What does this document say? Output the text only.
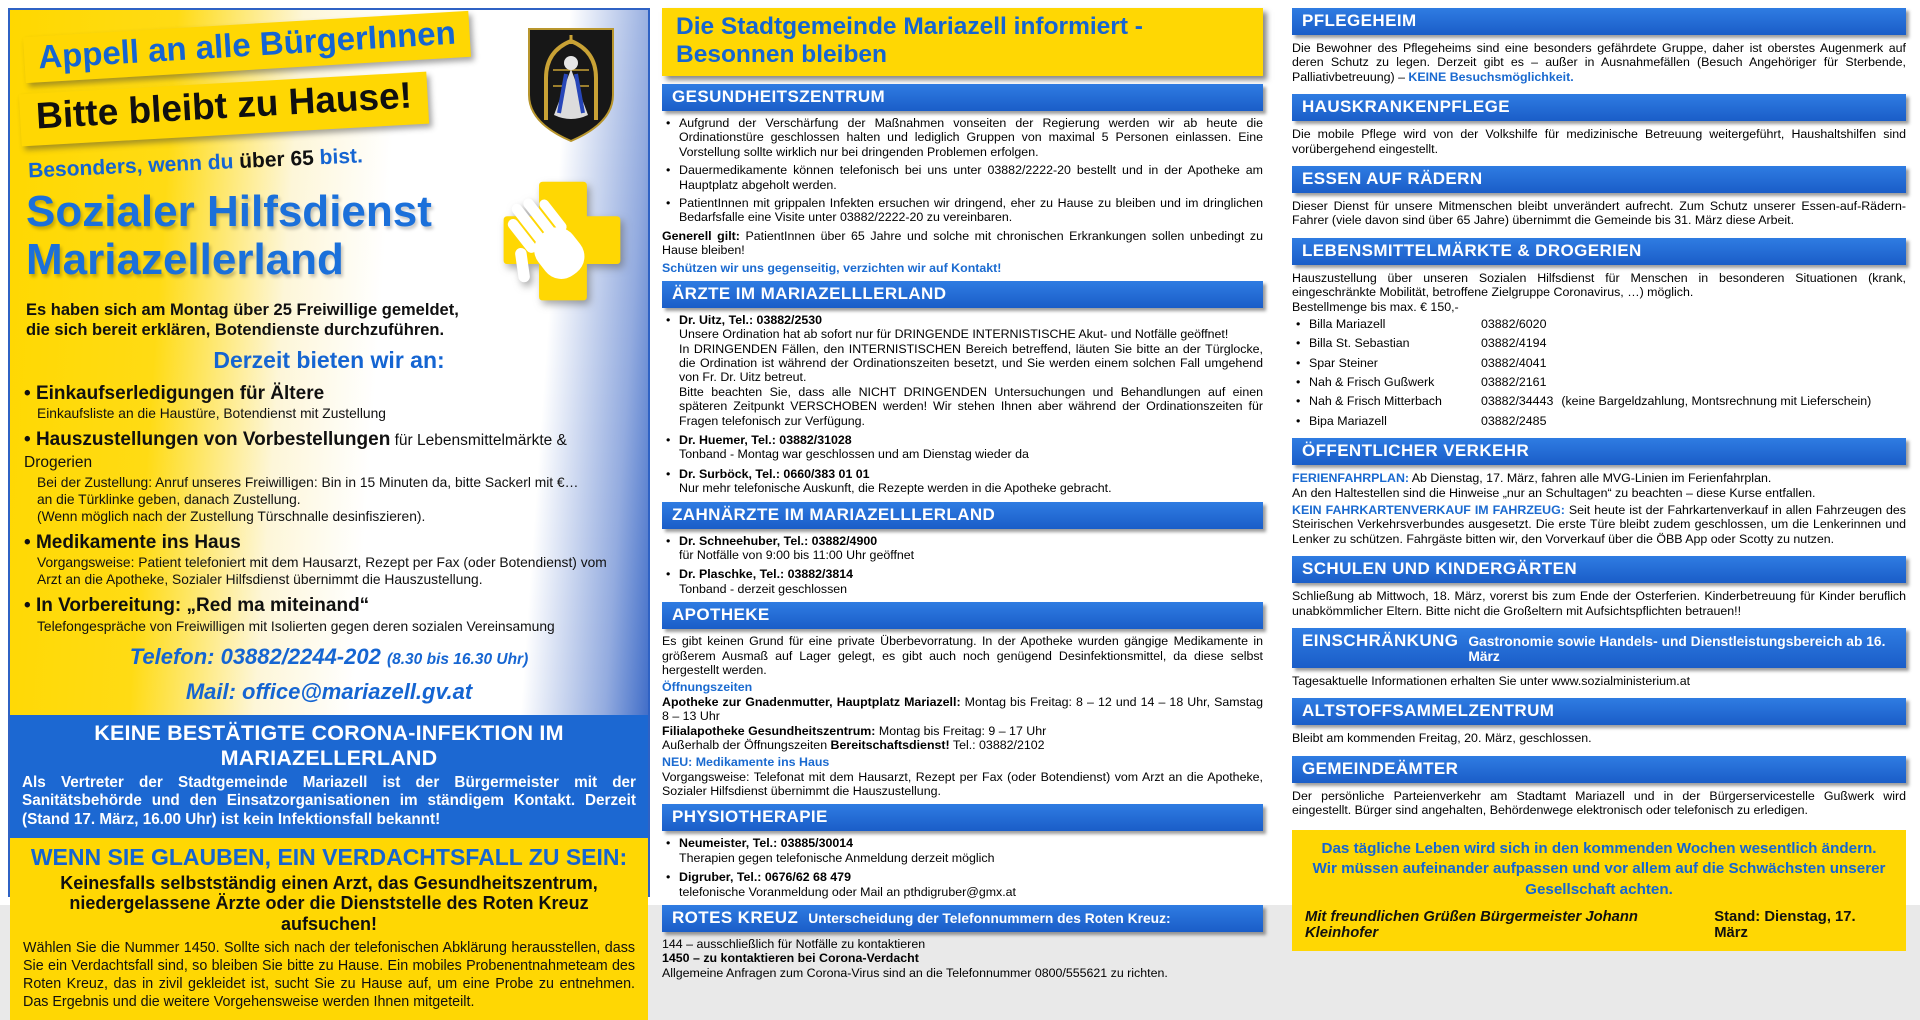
Appell an alle BürgerInnen
Bitte bleibt zu Hause!
Besonders, wenn du über 65 bist.
Sozialer Hilfsdienst
Mariazellerland
Es haben sich am Montag über 25 Freiwillige gemeldet,
die sich bereit erklären, Botendienste durchzuführen.
Derzeit bieten wir an:
• Einkaufserledigungen für Ältere
Einkaufsliste an die Haustüre, Botendienst mit Zustellung
• Hauszustellungen von Vorbestellungen für Lebensmittelmärkte & Drogerien
Bei der Zustellung: Anruf unseres Freiwilligen: Bin in 15 Minuten da, bitte Sackerl mit €…
an die Türklinke geben, danach Zustellung.
(Wenn möglich nach der Zustellung Türschnalle desinfiszieren).
• Medikamente ins Haus
Vorgangsweise: Patient telefoniert mit dem Hausarzt, Rezept per Fax (oder Botendienst) vom
Arzt an die Apotheke, Sozialer Hilfsdienst übernimmt die Hauszustellung.
• In Vorbereitung: „Red ma miteinand“
Telefongespräche von Freiwilligen mit Isolierten gegen deren sozialen Vereinsamung
Telefon: 03882/2244-202 (8.30 bis 16.30 Uhr)
Mail: office@mariazell.gv.at
KEINE BESTÄTIGTE CORONA-INFEKTION IM MARIAZELLERLAND
Als Vertreter der Stadtgemeinde Mariazell ist der Bürgermeister mit der Sanitätsbehörde und den Einsatzorganisationen im ständigem Kontakt. Derzeit (Stand 17. März, 16.00 Uhr) ist kein Infektionsfall bekannt!
WENN SIE GLAUBEN, EIN VERDACHTSFALL ZU SEIN:
Keinesfalls selbstständig einen Arzt, das Gesundheitszentrum,
niedergelassene Ärzte oder die Dienststelle des Roten Kreuz aufsuchen!
Wählen Sie die Nummer 1450. Sollte sich nach der telefonischen Abklärung herausstellen, dass Sie ein Verdachtsfall sind, so bleiben Sie bitte zu Hause. Ein mobiles Probenentnahmeteam des Roten Kreuz, das in zivil gekleidet ist, sucht Sie zu Hause auf, um eine Probe zu entnehmen. Das Ergebnis und die weitere Vorgehensweise werden Ihnen mitgeteilt.
Die Stadtgemeinde Mariazell informiert - Besonnen bleiben
GESUNDHEITSZENTRUM
• Aufgrund der Verschärfung der Maßnahmen vonseiten der Regierung werden wir ab heute die Ordinationstüre geschlossen halten und lediglich Gruppen von maximal 5 Personen einlassen. Eine Vorstellung sollte wirklich nur bei dringenden Problemen erfolgen.
• Dauermedikamente können telefonisch bei uns unter 03882/2222-20 bestellt und in der Apotheke am Hauptplatz abgeholt werden.
• PatientInnen mit grippalen Infekten ersuchen wir dringend, eher zu Hause zu bleiben und im dringlichen Bedarfsfalle eine Visite unter 03882/2222-20 zu vereinbaren.
Generell gilt: PatientInnen über 65 Jahre und solche mit chronischen Erkrankungen sollen unbedingt zu Hause bleiben!
Schützen wir uns gegenseitig, verzichten wir auf Kontakt!
ÄRZTE IM MARIAZELLLERLAND
• Dr. Uitz, Tel.: 03882/2530
Unsere Ordination hat ab sofort nur für DRINGENDE INTERNISTISCHE Akut- und Notfälle geöffnet!
In DRINGENDEN Fällen, den INTERNISTISCHEN Bereich betreffend, läuten Sie bitte an der Türglocke, die Ordination ist während der Ordinationszeiten besetzt, und Sie werden einem solchen Fall umgehend von Fr. Dr. Uitz betreut.
Bitte beachten Sie, dass alle NICHT DRINGENDEN Untersuchungen und Behandlungen auf einen späteren Zeitpunkt VERSCHOBEN werden! Wir stehen Ihnen aber während der Ordinationszeiten für Fragen telefonisch zur Verfügung.
• Dr. Huemer, Tel.: 03882/31028
Tonband - Montag war geschlossen und am Dienstag wieder da
• Dr. Surböck, Tel.: 0660/383 01 01
Nur mehr telefonische Auskunft, die Rezepte werden in die Apotheke gebracht.
ZAHNÄRZTE IM MARIAZELLLERLAND
• Dr. Schneehuber, Tel.: 03882/4900
für Notfälle von 9:00 bis 11:00 Uhr geöffnet
• Dr. Plaschke, Tel.: 03882/3814
Tonband - derzeit geschlossen
APOTHEKE
Es gibt keinen Grund für eine private Überbevorratung. In der Apotheke wurden gängige Medikamente in größerem Ausmaß auf Lager gelegt, es gibt auch noch genügend Desinfektionsmittel, da diese selbst hergestellt werden.
Öffnungszeiten
Apotheke zur Gnadenmutter, Hauptplatz Mariazell: Montag bis Freitag: 8 – 12 und 14 – 18 Uhr, Samstag 8 – 13 Uhr
Filialapotheke Gesundheitszentrum: Montag bis Freitag: 9 – 17 Uhr
Außerhalb der Öffnungszeiten Bereitschaftsdienst! Tel.: 03882/2102
NEU: Medikamente ins Haus
Vorgangsweise: Telefonat mit dem Hausarzt, Rezept per Fax (oder Botendienst) vom Arzt an die Apotheke, Sozialer Hilfsdienst übernimmt die Hauszustellung.
PHYSIOTHERAPIE
• Neumeister, Tel.: 03885/30014
Therapien gegen telefonische Anmeldung derzeit möglich
• Digruber, Tel.: 0676/62 68 479
telefonische Voranmeldung oder Mail an pthdigruber@gmx.at
ROTES KREUZ Unterscheidung der Telefonnummern des Roten Kreuz:
144 – ausschließlich für Notfälle zu kontaktieren
1450 – zu kontaktieren bei Corona-Verdacht
Allgemeine Anfragen zum Corona-Virus sind an die Telefonnummer 0800/555621 zu richten.
PFLEGEHEIM
Die Bewohner des Pflegeheims sind eine besonders gefährdete Gruppe, daher ist oberstes Augenmerk auf deren Schutz zu legen. Derzeit gibt es – außer in Ausnahmefällen (Besuch Angehöriger für Sterbende, Palliativbetreuung) – KEINE Besuchsmöglichkeit.
HAUSKRANKENPFLEGE
Die mobile Pflege wird von der Volkshilfe für medizinische Betreuung weitergeführt, Haushaltshilfen sind vorübergehend eingestellt.
ESSEN AUF RÄDERN
Dieser Dienst für unsere Mitmenschen bleibt unverändert aufrecht. Zum Schutz unserer Essen-auf-Rädern-Fahrer (viele davon sind über 65 Jahre) übernimmt die Gemeinde bis 31. März diese Arbeit.
LEBENSMITTELMÄRKTE & DROGERIEN
Hauszustellung über unseren Sozialen Hilfsdienst für Menschen in besonderen Situationen (krank, eingeschränkte Mobilität, betroffene Zielgruppe Coronavirus, …) möglich.
Bestellmenge bis max. € 150,-
• Billa Mariazell	03882/6020
• Billa St. Sebastian	03882/4194
• Spar Steiner	03882/4041
• Nah & Frisch Gußwerk	03882/2161
• Nah & Frisch Mitterbach	03882/34443 (keine Bargeldzahlung, Montsrechnung mit Lieferschein)
• Bipa Mariazell	03882/2485
ÖFFENTLICHER VERKEHR
FERIENFAHRPLAN: Ab Dienstag, 17. März, fahren alle MVG-Linien im Ferienfahrplan.
An den Haltestellen sind die Hinweise „nur an Schultagen“ zu beachten – diese Kurse entfallen.
KEIN FAHRKARTENVERKAUF IM FAHRZEUG: Seit heute ist der Fahrkartenverkauf in allen Fahrzeugen des Steirischen Verkehrsverbundes ausgesetzt. Die erste Türe bleibt zudem geschlossen, um die Lenkerinnen und Lenker zu schützen. Fahrgäste bitten wir, den Vorverkauf über die ÖBB App oder Scotty zu nutzen.
SCHULEN UND KINDERGÄRTEN
Schließung ab Mittwoch, 18. März, vorerst bis zum Ende der Osterferien. Kinderbetreuung für Kinder beruflich unabkömmlicher Eltern. Bitte nicht die Großeltern mit Aufsichtspflichten betrauen!!
EINSCHRÄNKUNG Gastronomie sowie Handels- und Dienstleistungsbereich ab 16. März
Tagesaktuelle Informationen erhalten Sie unter www.sozialministerium.at
ALTSTOFFSAMMELZENTRUM
Bleibt am kommenden Freitag, 20. März, geschlossen.
GEMEINDEÄMTER
Der persönliche Parteienverkehr am Stadtamt Mariazell und in der Bürgerservicestelle Gußwerk wird eingestellt. Bürger sind angehalten, Behördenwege elektronisch oder telefonisch zu erledigen.
Das tägliche Leben wird sich in den kommenden Wochen wesentlich ändern.
Wir müssen aufeinander aufpassen und vor allem auf die Schwächsten unserer Gesellschaft achten.
Mit freundlichen Grüßen Bürgermeister Johann Kleinhofer
Stand: Dienstag, 17. März
